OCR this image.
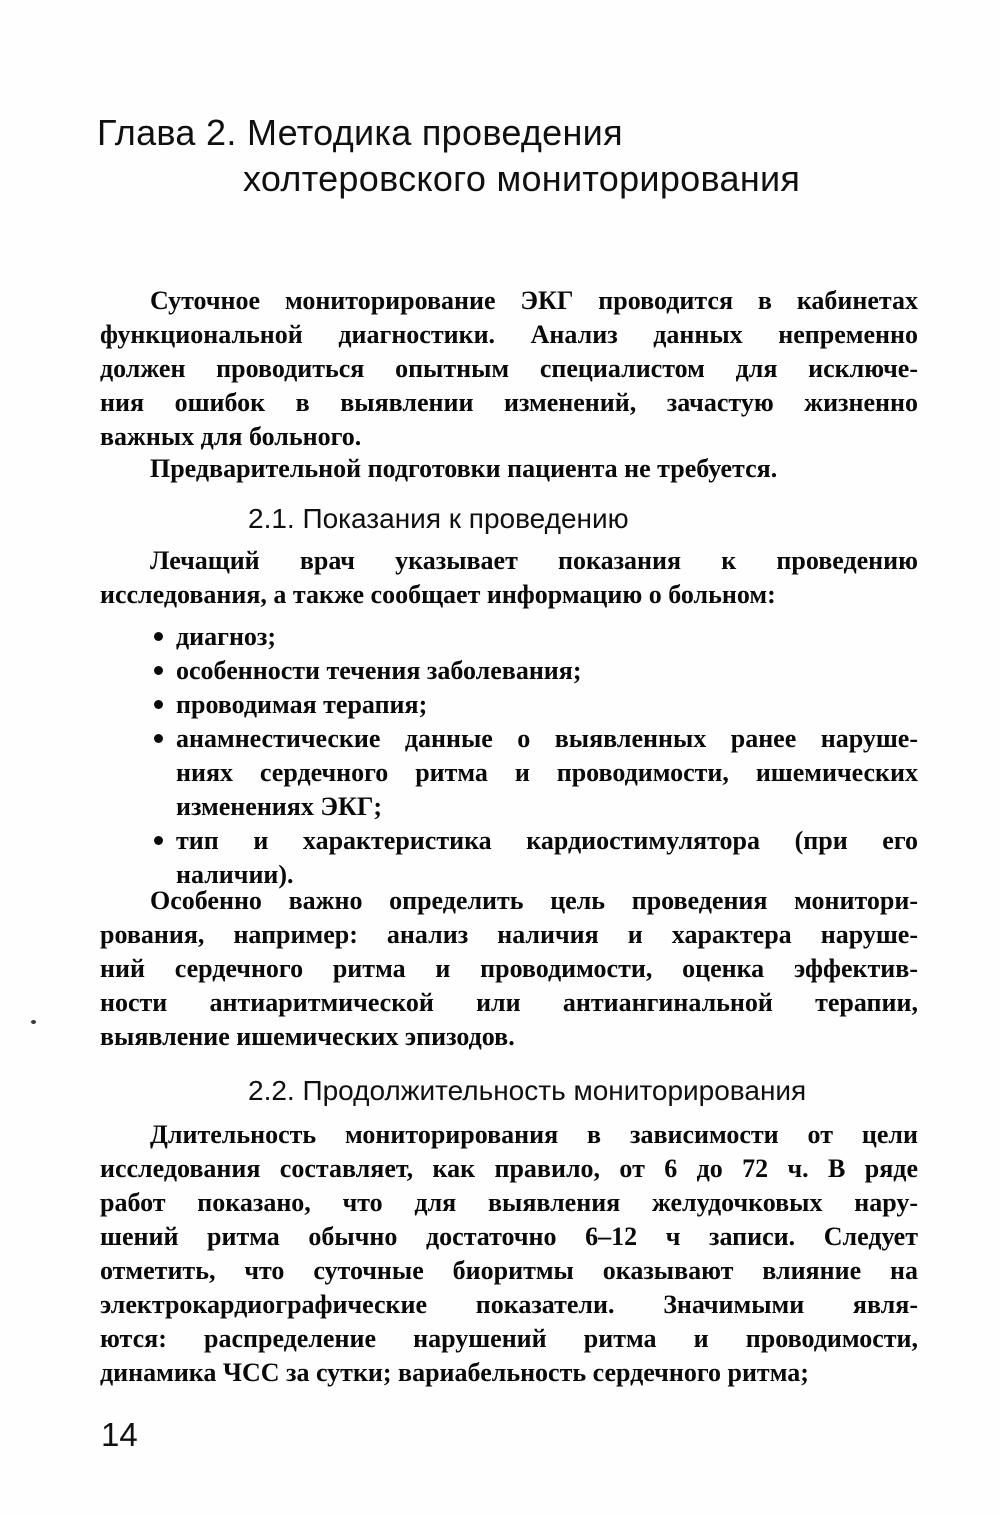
Глава 2. Методика проведения
холтеровского мониторирования
Суточное мониторирование ЭКГ проводится в кабинетах
функциональной диагностики. Анализ данных непременно
должен проводиться опытным специалистом для исключе-
ния ошибок в выявлении изменений, зачастую жизненно
важных для больного.
Предварительной подготовки пациента не требуется.
2.1. Показания к проведению
Лечащий врач указывает показания к проведению
исследования, а также сообщает информацию о больном:
диагноз;
особенности течения заболевания;
проводимая терапия;
анамнестические данные о выявленных ранее наруше-
ниях сердечного ритма и проводимости, ишемических
изменениях ЭКГ;
тип и характеристика кардиостимулятора (при его
наличии).
Особенно важно определить цель проведения монитори-
рования, например: анализ наличия и характера наруше-
ний сердечного ритма и проводимости, оценка эффектив-
ности антиаритмической или антиангинальной терапии,
выявление ишемических эпизодов.
2.2. Продолжительность мониторирования
Длительность мониторирования в зависимости от цели
исследования составляет, как правило, от 6 до 72 ч. В ряде
работ показано, что для выявления желудочковых нару-
шений ритма обычно достаточно 6–12 ч записи. Следует
отметить, что суточные биоритмы оказывают влияние на
электрокардиографические показатели. Значимыми явля-
ются: распределение нарушений ритма и проводимости,
динамика ЧСС за сутки; вариабельность сердечного ритма;
14
